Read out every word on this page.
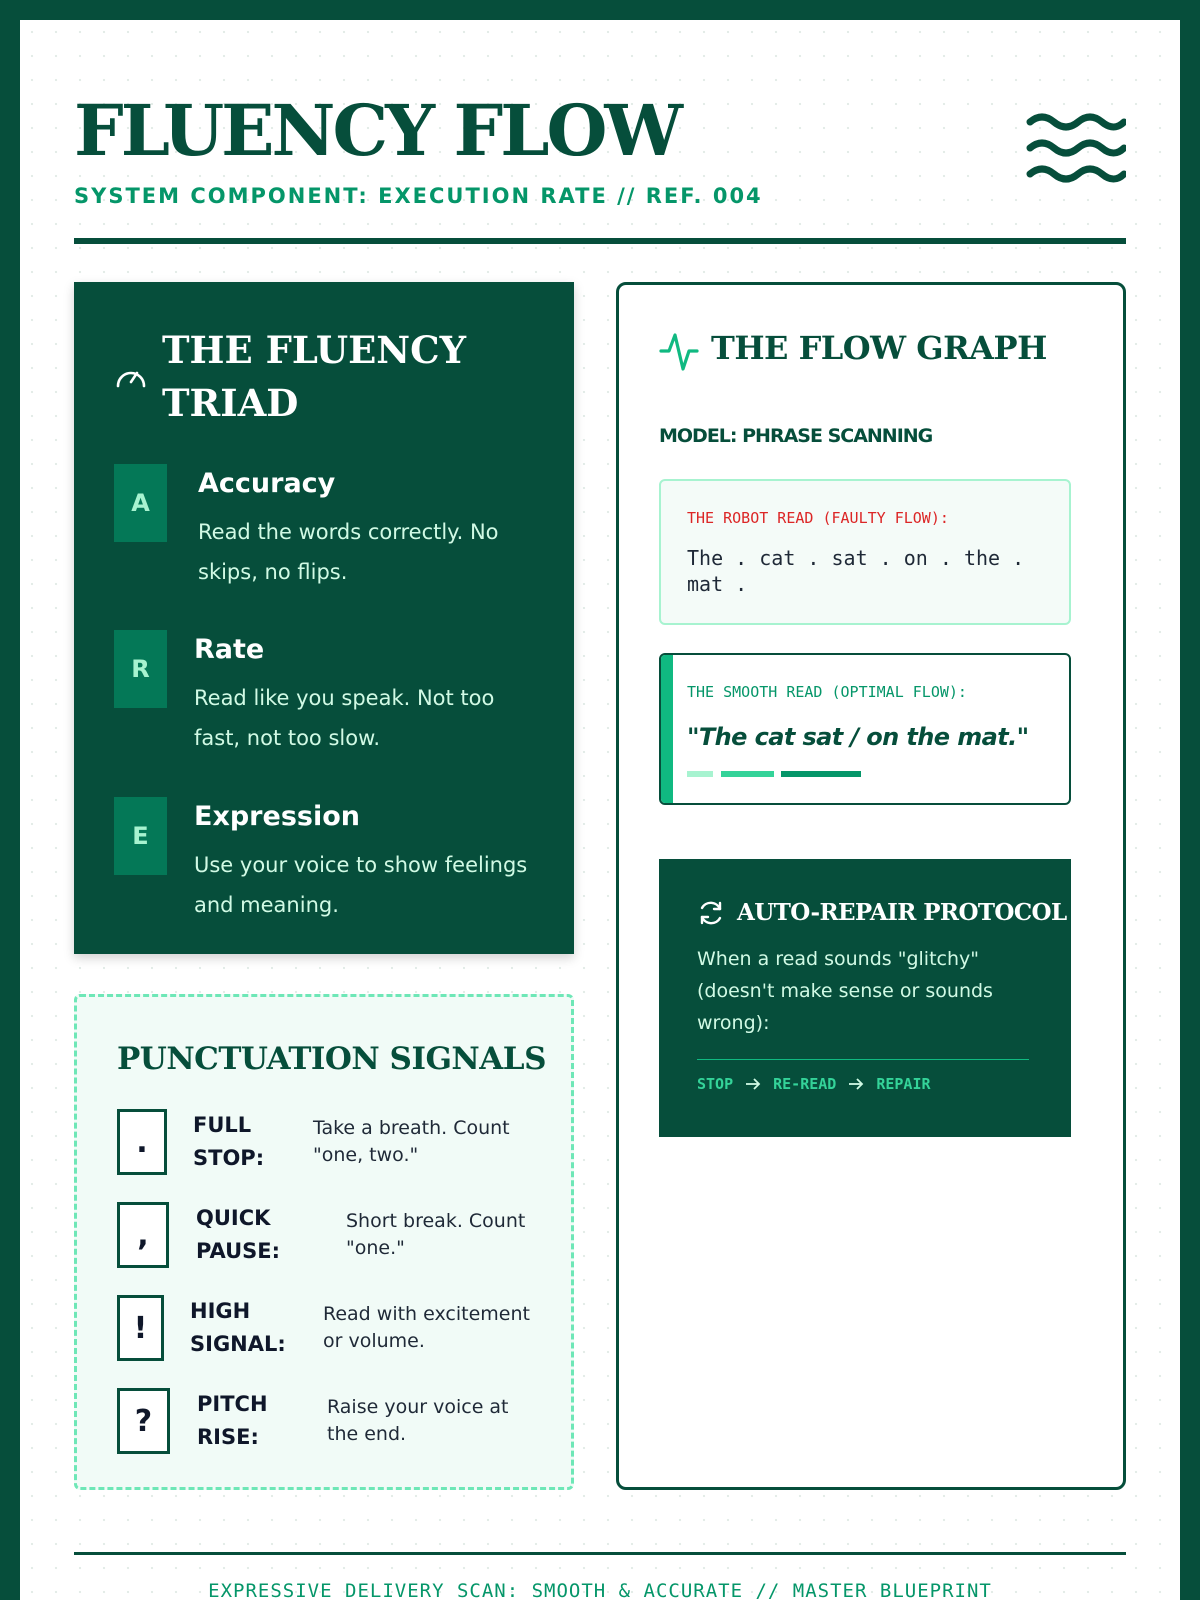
FLUENCY FLOW
SYSTEM COMPONENT: EXECUTION RATE // REF. 004
THE FLUENCY TRIAD
A
Accuracy
Read the words correctly. No skips, no flips.
R
Rate
Read like you speak. Not too fast, not too slow.
E
Expression
Use your voice to show feelings and meaning.
PUNCTUATION SIGNALS
.	FULL STOP:
Take a breath. Count "one, two."
,	QUICK PAUSE:
Short break. Count "one."
!	HIGH SIGNAL:
Read with excitement or volume.
?	PITCH RISE:
Raise your voice at the end.
THE FLOW GRAPH
MODEL: PHRASE SCANNING
THE ROBOT READ (FAULTY FLOW):
The . cat . sat . on . the . mat .
THE SMOOTH READ (OPTIMAL FLOW):
"The cat sat / on the mat."
AUTO-REPAIR PROTOCOL
When a read sounds "glitchy" (doesn't make sense or sounds wrong):
STOP	RE-READ	REPAIR
EXPRESSIVE DELIVERY SCAN: SMOOTH & ACCURATE // MASTER BLUEPRINT
